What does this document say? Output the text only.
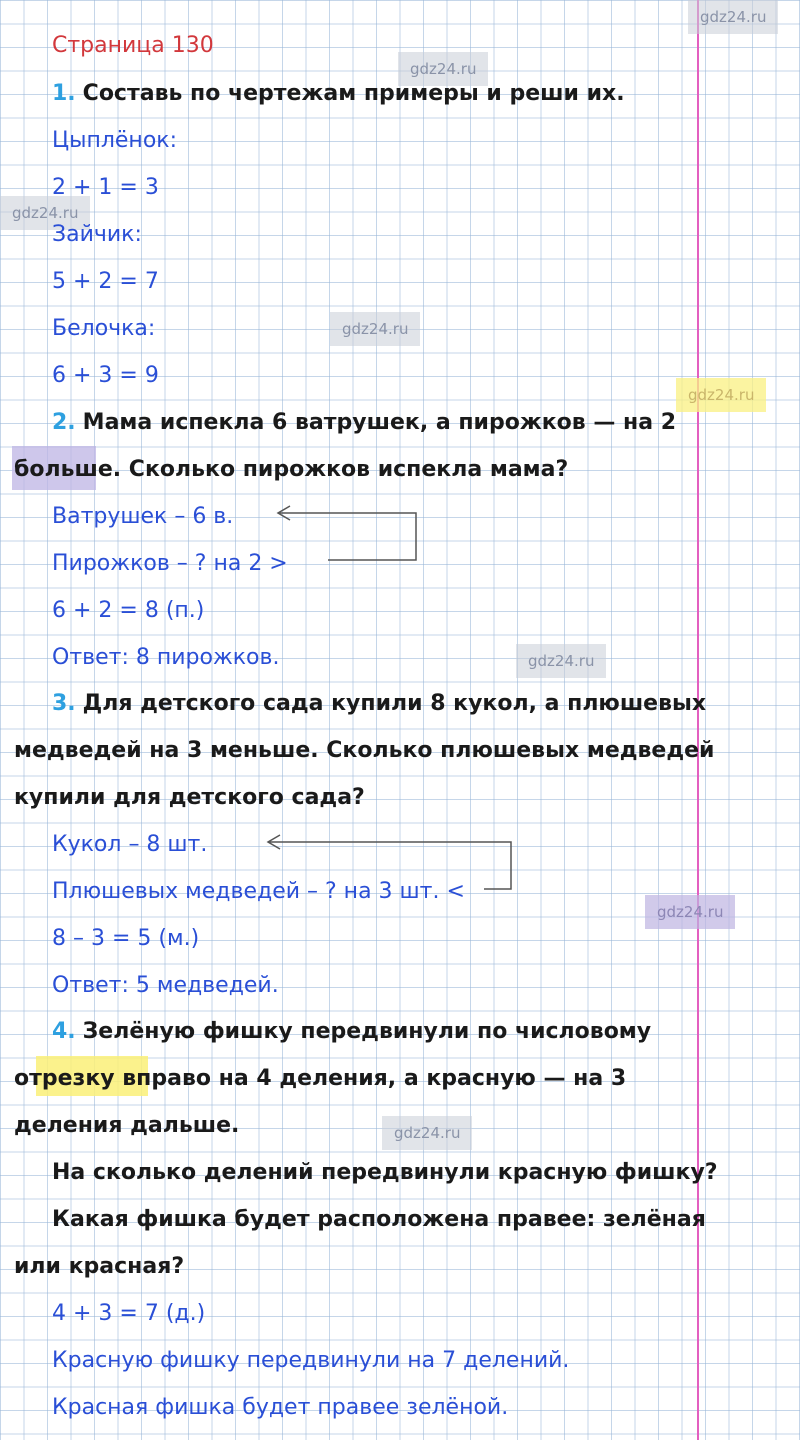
gdz24.ru
gdz24.ru
gdz24.ru
gdz24.ru
gdz24.ru
gdz24.ru
gdz24.ru
gdz24.ru
Страница 130
1. Составь по чертежам примеры и реши их.
Цыплёнок:
2 + 1 = 3
Зайчик:
5 + 2 = 7
Белочка:
6 + 3 = 9
2. Мама испекла 6 ватрушек, а пирожков — на 2
больше. Сколько пирожков испекла мама?
Ватрушек – 6 в.
Пирожков – ? на 2 >
6 + 2 = 8 (п.)
Ответ: 8 пирожков.
3. Для детского сада купили 8 кукол, а плюшевых
медведей на 3 меньше. Сколько плюшевых медведей
купили для детского сада?
Кукол – 8 шт.
Плюшевых медведей – ? на 3 шт. <
8 – 3 = 5 (м.)
Ответ: 5 медведей.
4. Зелёную фишку передвинули по числовому
отрезку вправо на 4 деления, а красную — на 3
деления дальше.
На сколько делений передвинули красную фишку?
Какая фишка будет расположена правее: зелёная
или красная?
4 + 3 = 7 (д.)
Красную фишку передвинули на 7 делений.
Красная фишка будет правее зелёной.
